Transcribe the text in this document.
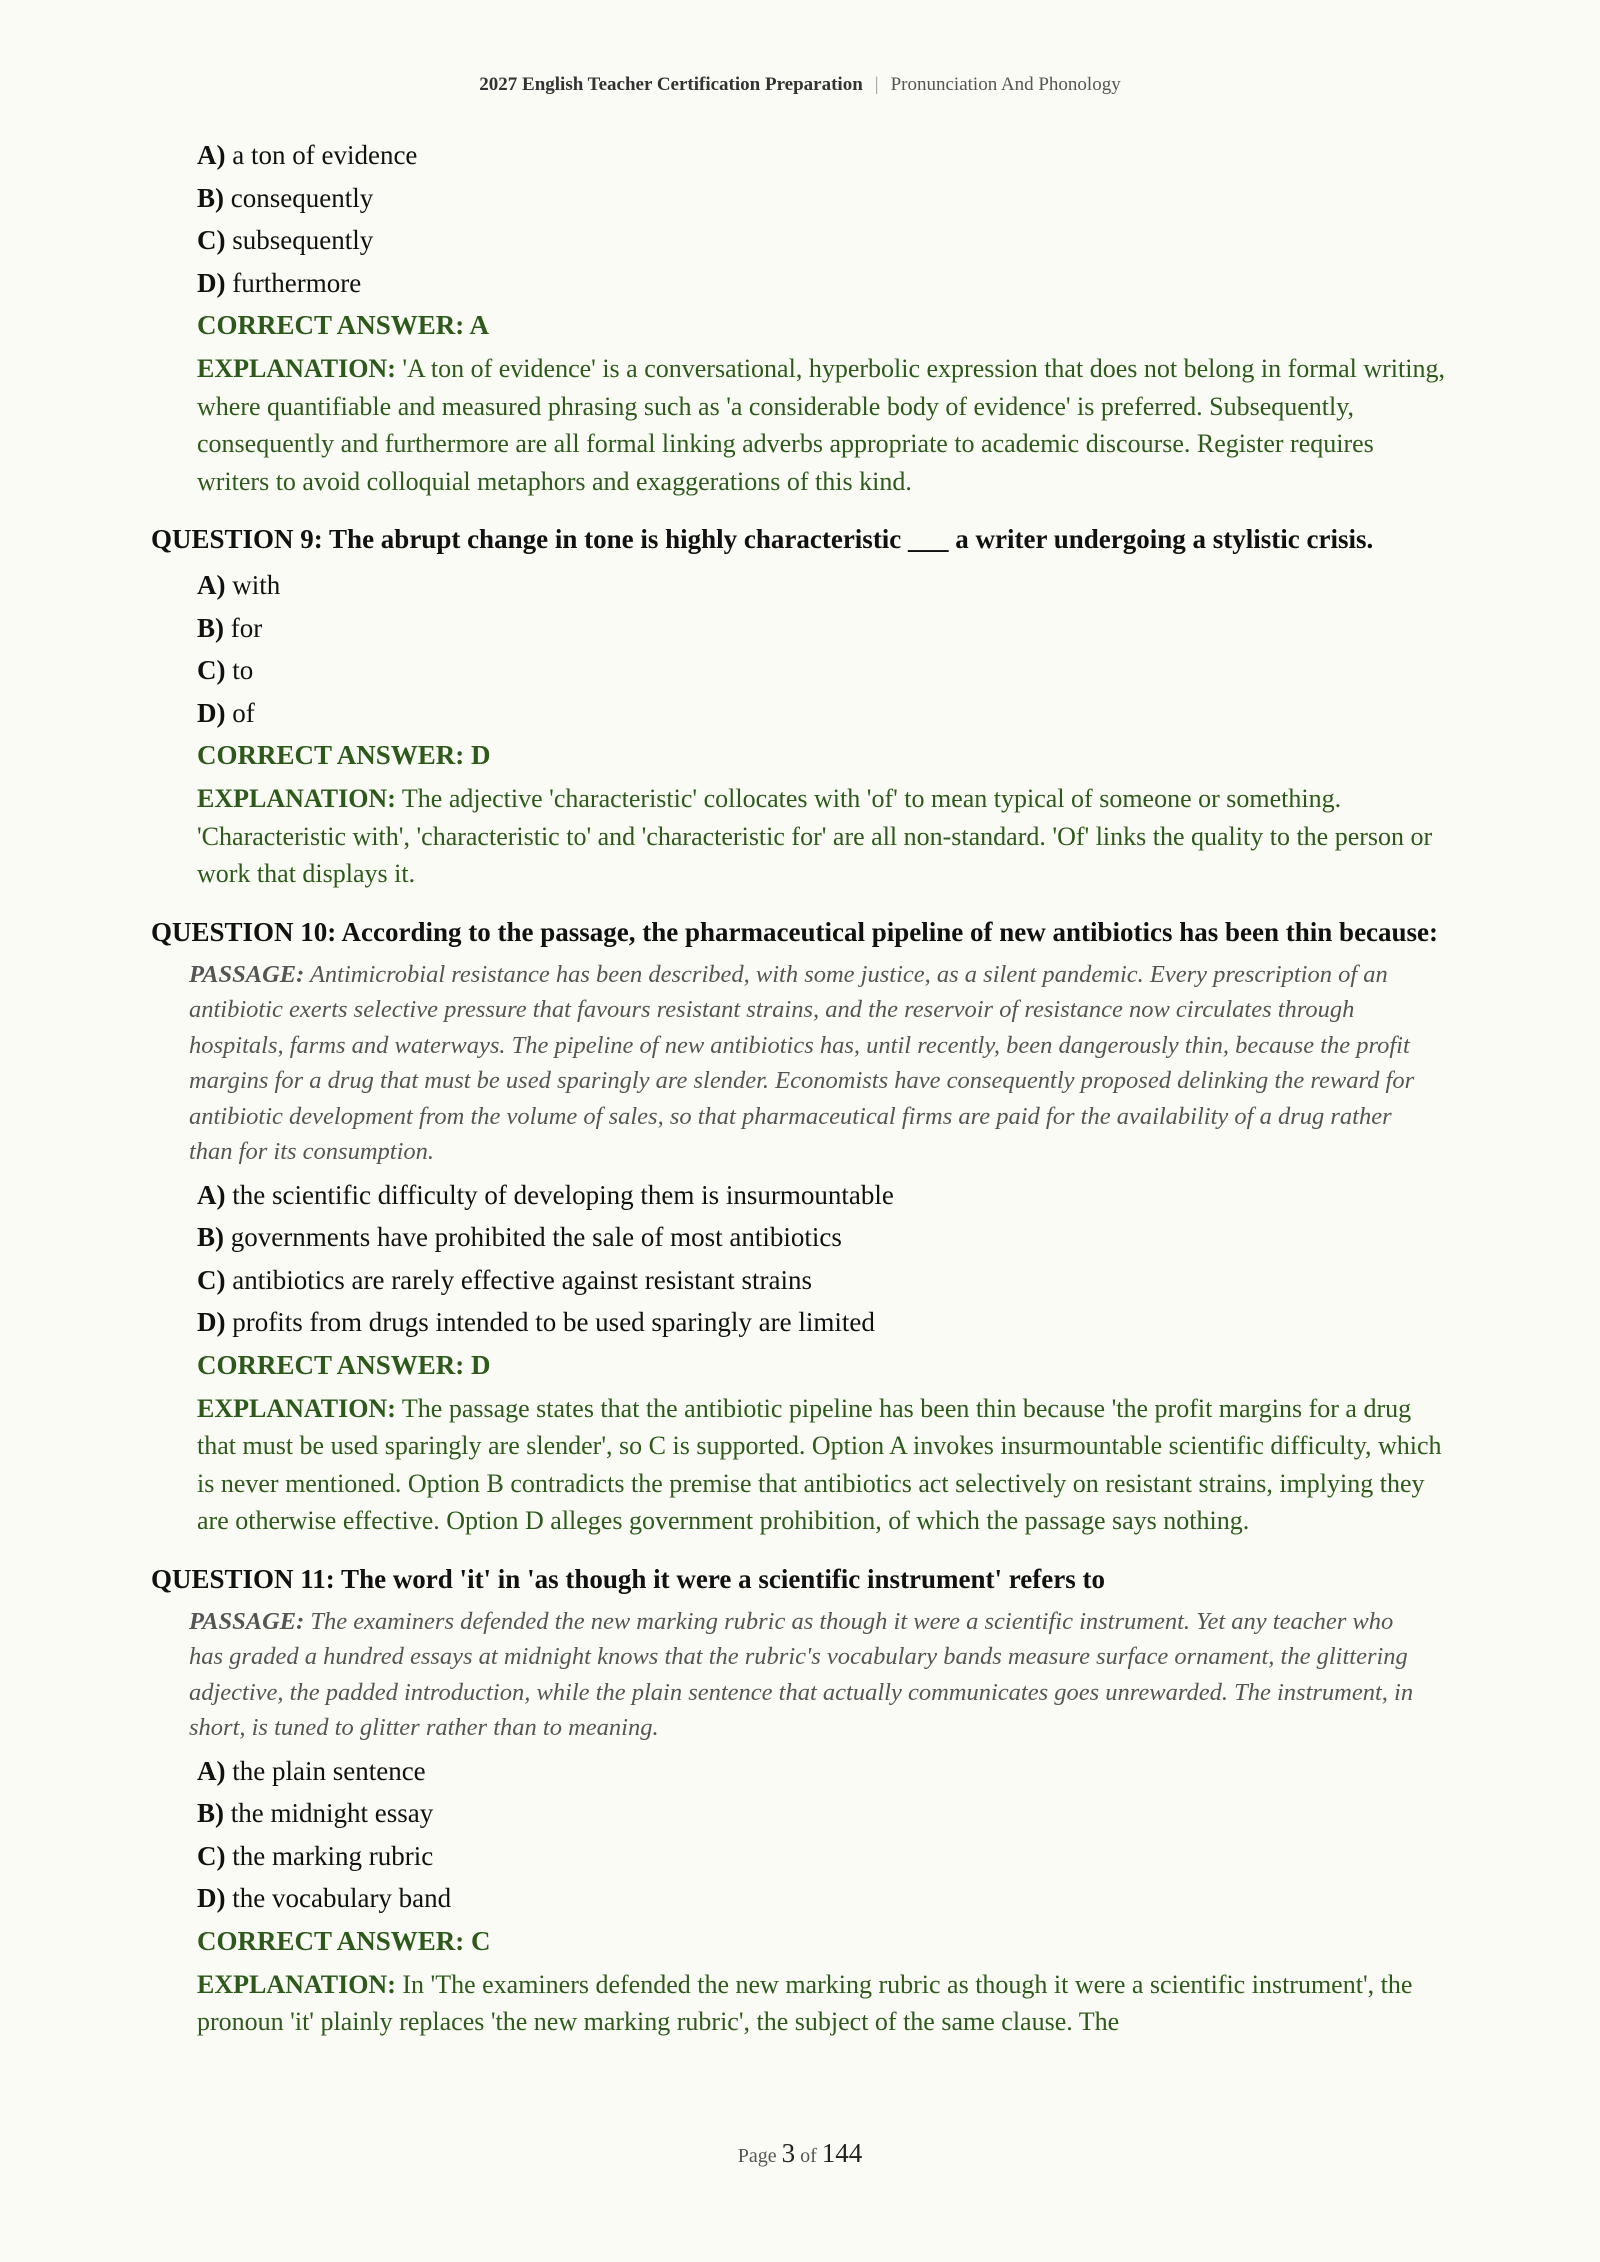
2027 English Teacher Certification Preparation | Pronunciation And Phonology
A) a ton of evidence
B) consequently
C) subsequently
D) furthermore
CORRECT ANSWER: A
EXPLANATION: 'A ton of evidence' is a conversational, hyperbolic expression that does not belong in formal writing, where quantifiable and measured phrasing such as 'a considerable body of evidence' is preferred. Subsequently, consequently and furthermore are all formal linking adverbs appropriate to academic discourse. Register requires writers to avoid colloquial metaphors and exaggerations of this kind.
QUESTION 9: The abrupt change in tone is highly characteristic ___ a writer undergoing a stylistic crisis.
A) with
B) for
C) to
D) of
CORRECT ANSWER: D
EXPLANATION: The adjective 'characteristic' collocates with 'of' to mean typical of someone or something. 'Characteristic with', 'characteristic to' and 'characteristic for' are all non-standard. 'Of' links the quality to the person or work that displays it.
QUESTION 10: According to the passage, the pharmaceutical pipeline of new antibiotics has been thin because:
PASSAGE: Antimicrobial resistance has been described, with some justice, as a silent pandemic. Every prescription of an antibiotic exerts selective pressure that favours resistant strains, and the reservoir of resistance now circulates through hospitals, farms and waterways. The pipeline of new antibiotics has, until recently, been dangerously thin, because the profit margins for a drug that must be used sparingly are slender. Economists have consequently proposed delinking the reward for antibiotic development from the volume of sales, so that pharmaceutical firms are paid for the availability of a drug rather than for its consumption.
A) the scientific difficulty of developing them is insurmountable
B) governments have prohibited the sale of most antibiotics
C) antibiotics are rarely effective against resistant strains
D) profits from drugs intended to be used sparingly are limited
CORRECT ANSWER: D
EXPLANATION: The passage states that the antibiotic pipeline has been thin because 'the profit margins for a drug that must be used sparingly are slender', so C is supported. Option A invokes insurmountable scientific difficulty, which is never mentioned. Option B contradicts the premise that antibiotics act selectively on resistant strains, implying they are otherwise effective. Option D alleges government prohibition, of which the passage says nothing.
QUESTION 11: The word 'it' in 'as though it were a scientific instrument' refers to
PASSAGE: The examiners defended the new marking rubric as though it were a scientific instrument. Yet any teacher who has graded a hundred essays at midnight knows that the rubric's vocabulary bands measure surface ornament, the glittering adjective, the padded introduction, while the plain sentence that actually communicates goes unrewarded. The instrument, in short, is tuned to glitter rather than to meaning.
A) the plain sentence
B) the midnight essay
C) the marking rubric
D) the vocabulary band
CORRECT ANSWER: C
EXPLANATION: In 'The examiners defended the new marking rubric as though it were a scientific instrument', the pronoun 'it' plainly replaces 'the new marking rubric', the subject of the same clause. The
Page 3 of 144
